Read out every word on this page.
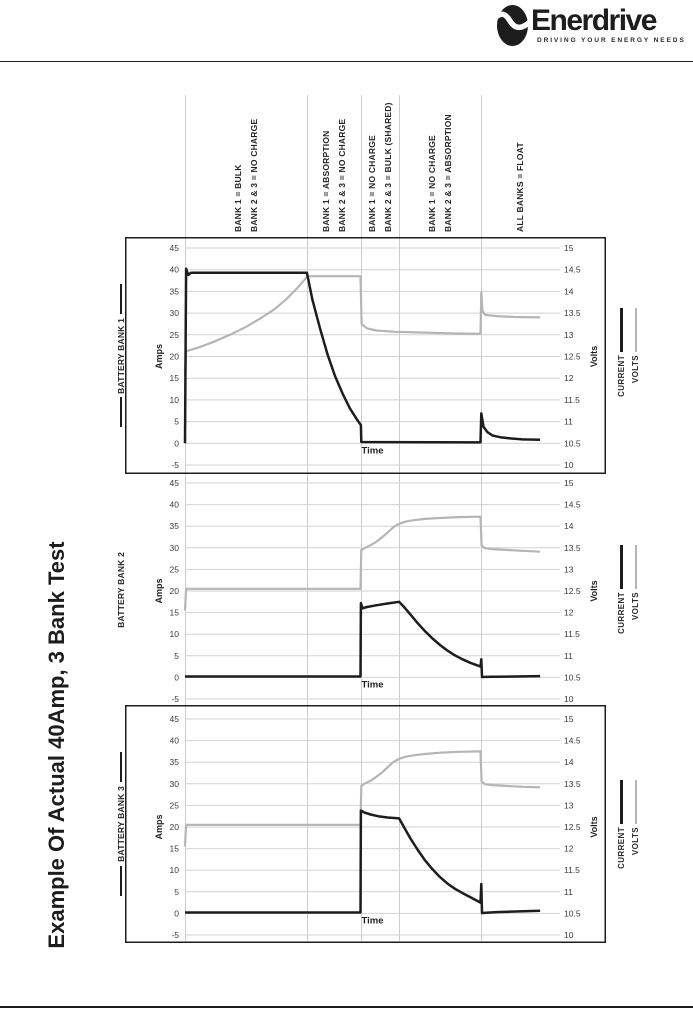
Enerdrive
DRIVING YOUR ENERGY NEEDS
Example Of Actual 40Amp, 3 Bank Test
BANK 1 = BULK BANK 2 & 3 = NO CHARGE	BANK 1 = ABSORPTION BANK 2 & 3 = NO CHARGE	BANK 1 = NO CHARGE BANK 2 & 3 = BULK (SHARED)	BANK 1 = NO CHARGE BANK 2 & 3 = ABSORPTION	ALL BANKS = FLOAT
45
40
35
30
25
20
15
10
5
0
-5
15
14.5
14
13.5
13
12.5
12
11.5
11
10.5
10
Amps	Volts
Time
BATTERY BANK 1	CURRENT VOLTS
45
40
35
30
25
20
15
10
5
0
-5
15
14.5
14
13.5
13
12.5
12
11.5
11
10.5
10
Amps	Volts
Time
BATTERY BANK 2	CURRENT VOLTS
45
40
35
30
25
20
15
10
5
0
-5
15
14.5
14
13.5
13
12.5
12
11.5
11
10.5
10
Amps	Volts
Time
BATTERY BANK 3	CURRENT VOLTS
